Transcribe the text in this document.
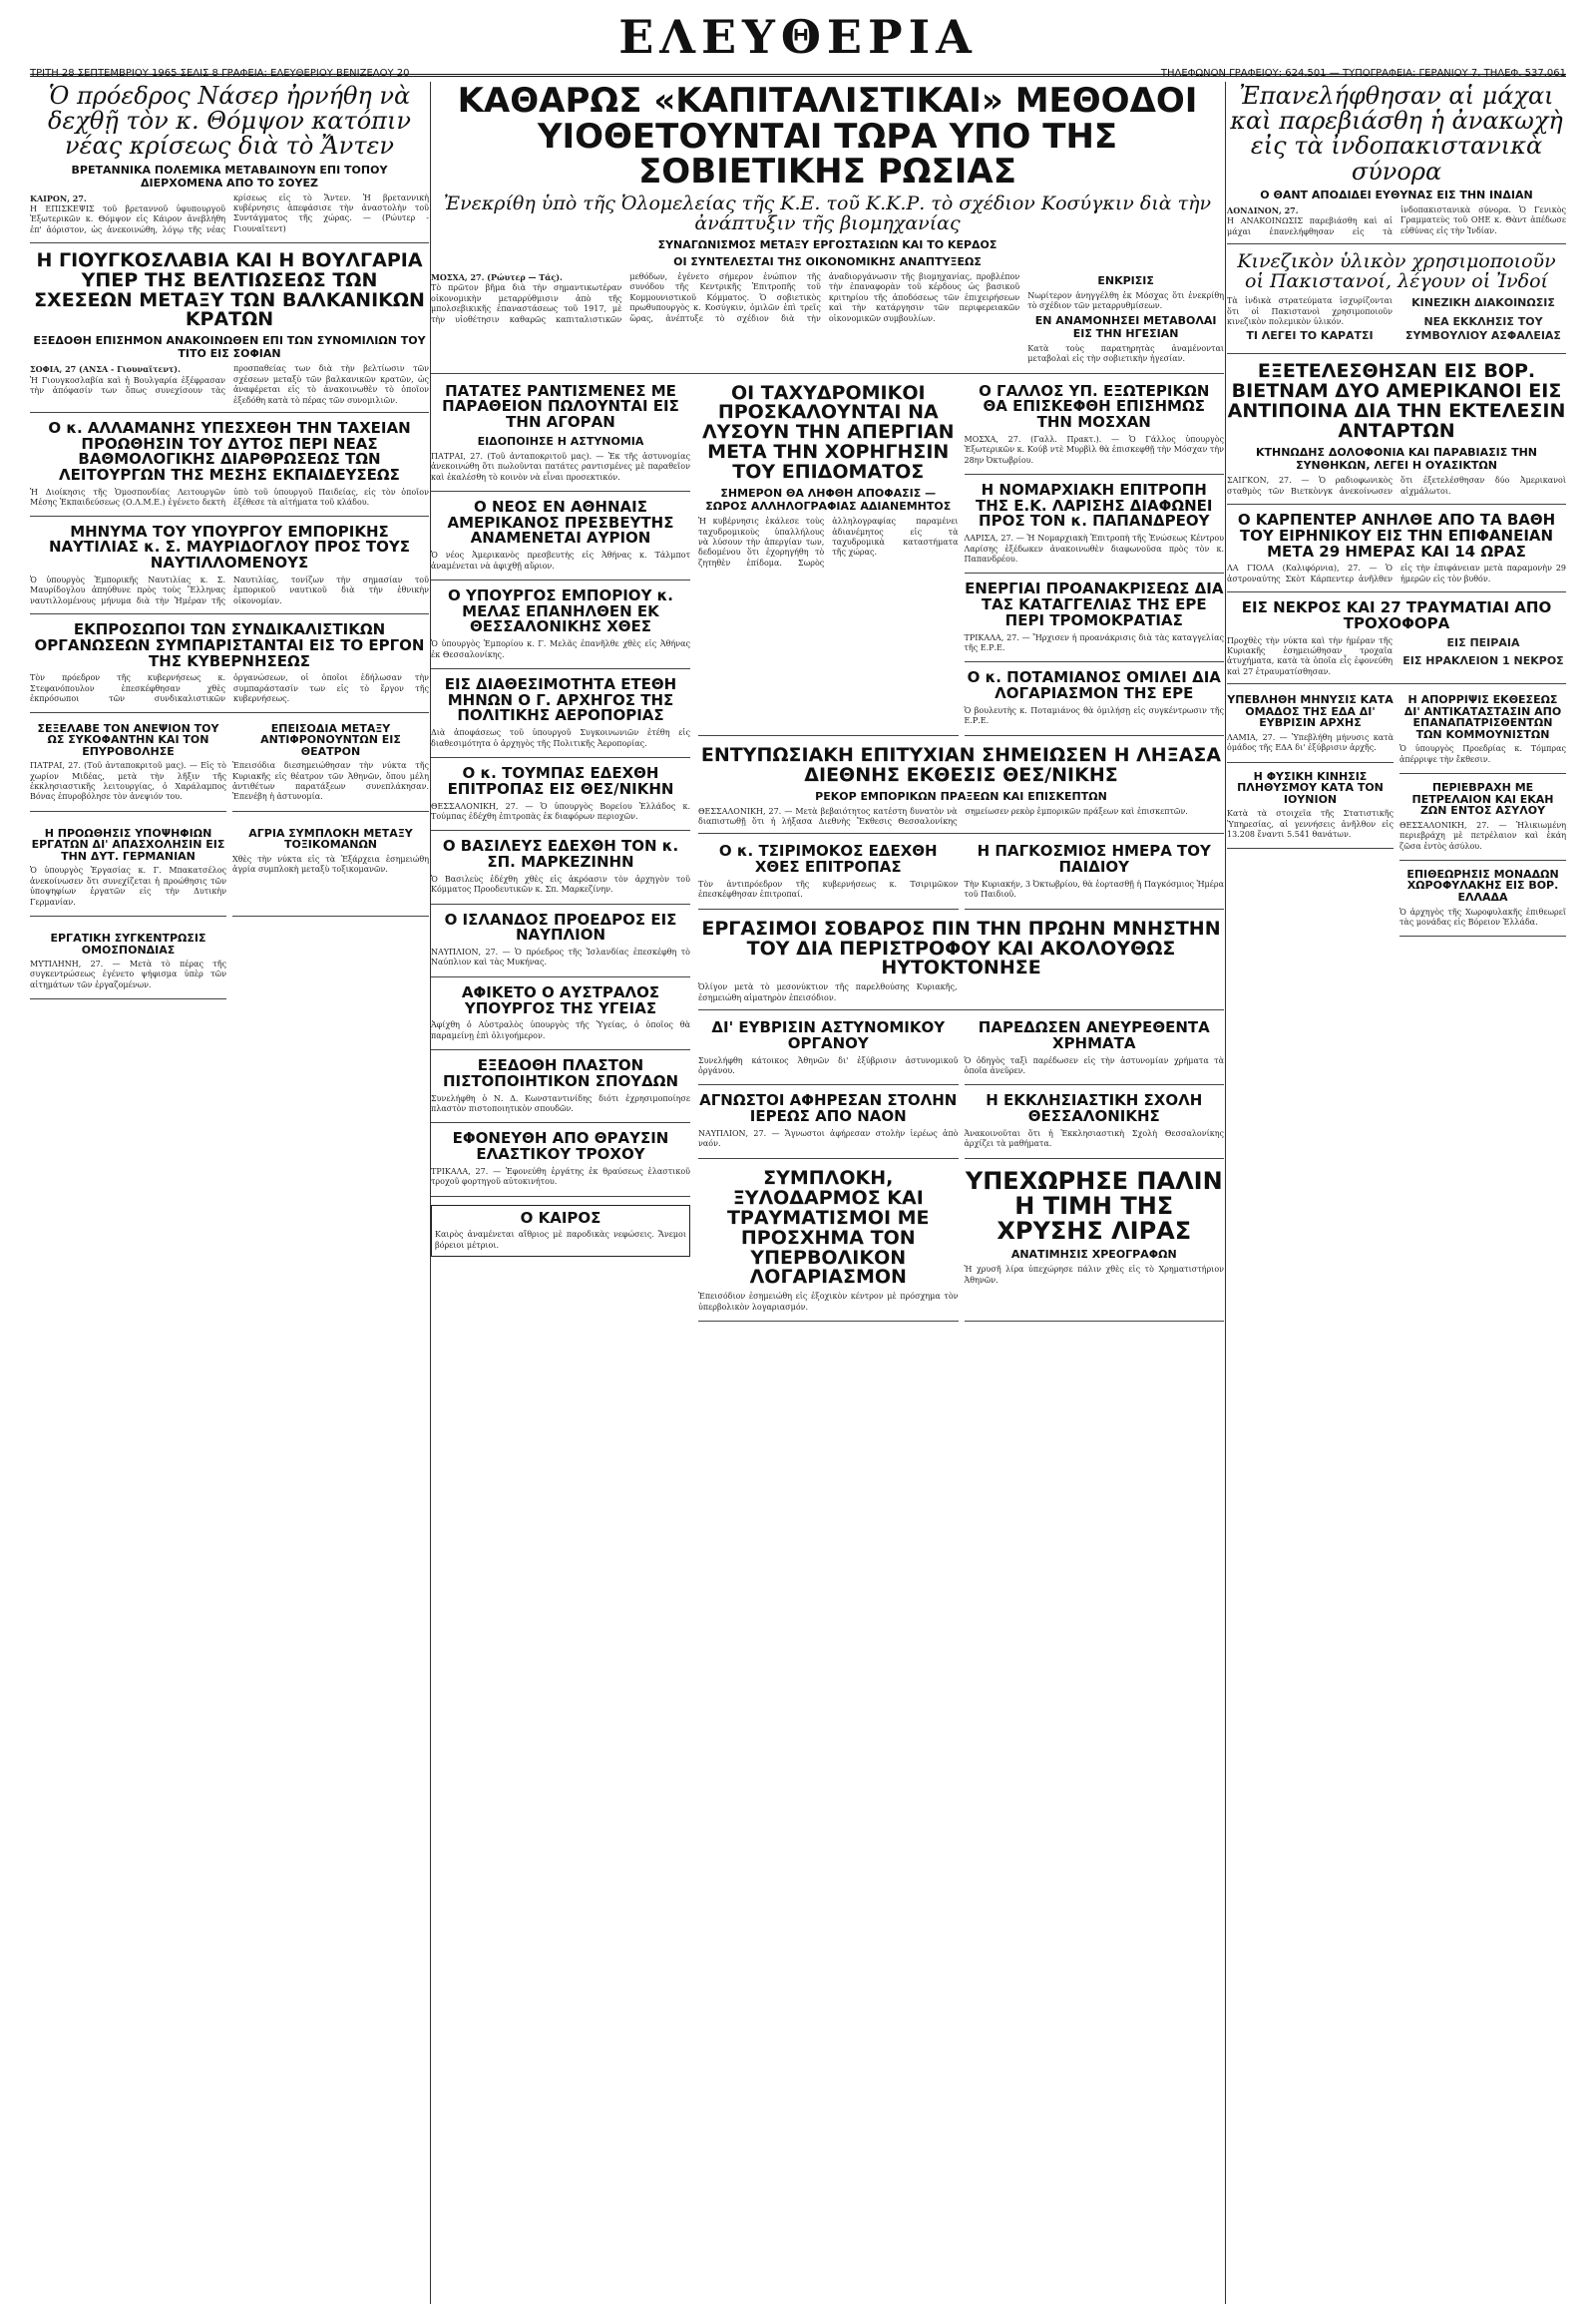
ΤΡΙΤΗ 28 ΣΕΠΤΕΜΒΡΙΟΥ 1965 ΣΕΛΙΣ 8 ΓΡΑΦΕΙΑ: ΕΛΕΥΘΕΡΙΟΥ ΒΕΝΙΖΕΛΟΥ 20
ΕΛΕΥΘΕΡΙΑ
ΤΗΛΕΦΩΝΟΝ ΓΡΑΦΕΙΟΥ: 624.501 — ΤΥΠΟΓΡΑΦΕΙΑ: ΓΕΡΑΝΙΟΥ 7, ΤΗΛΕΦ. 537.061
Ὁ πρόεδρος Νάσερ ἠρνήθη νὰ δεχθῇ τὸν κ. Θόμψον κατόπιν νέας κρίσεως διὰ τὸ Ἄντεν
ΒΡΕΤΑΝΝΙΚΑ ΠΟΛΕΜΙΚΑ ΜΕΤΑΒΑΙΝΟΥΝ ΕΠΙ ΤΟΠΟΥ ΔΙΕΡΧΟΜΕΝΑ ΑΠΟ ΤΟ ΣΟΥΕΖ
ΚΑΙΡΟΝ, 27.

Η ΕΠΙΣΚΕΨΙΣ τοῦ βρεταννοῦ ὑφυπουργοῦ Ἐξωτερικῶν κ. Θόμψον εἰς Κάιρον ἀνεβλήθη ἐπ' ἀόριστον, ὡς ἀνεκοινώθη, λόγῳ τῆς νέας κρίσεως εἰς τὸ Ἄντεν. Ἡ βρεταννικὴ κυβέρνησις ἀπεφάσισε τὴν ἀναστολὴν τοῦ Συντάγματος τῆς χώρας. — (Ρώυτερ - Γιουναϊτεντ)

Η ΓΙΟΥΓΚΟΣΛΑΒΙΑ ΚΑΙ Η ΒΟΥΛΓΑΡΙΑ ΥΠΕΡ ΤΗΣ ΒΕΛΤΙΩΣΕΩΣ ΤΩΝ ΣΧΕΣΕΩΝ ΜΕΤΑΞΥ ΤΩΝ ΒΑΛΚΑΝΙΚΩΝ ΚΡΑΤΩΝ
ΕΞΕΔΟΘΗ ΕΠΙΣΗΜΟΝ ΑΝΑΚΟΙΝΩΘΕΝ ΕΠΙ ΤΩΝ ΣΥΝΟΜΙΛΙΩΝ ΤΟΥ ΤΙΤΟ ΕΙΣ ΣΟΦΙΑΝ
ΣΟΦΙΑ, 27 (ΑΝΣΑ - Γιουναϊτεντ).

Ἡ Γιουγκοσλαβία καὶ ἡ Βουλγαρία ἐξέφρασαν τὴν ἀπόφασίν των ὅπως συνεχίσουν τὰς προσπαθείας των διὰ τὴν βελτίωσιν τῶν σχέσεων μεταξὺ τῶν βαλκανικῶν κρατῶν, ὡς ἀναφέρεται εἰς τὸ ἀνακοινωθὲν τὸ ὁποῖον ἐξεδόθη κατὰ τὸ πέρας τῶν συνομιλιῶν.

Ο κ. ΑΛΛΑΜΑΝΗΣ ΥΠΕΣΧΕΘΗ ΤΗΝ ΤΑΧΕΙΑΝ ΠΡΟΩΘΗΣΙΝ ΤΟΥ ΔΥΤΟΣ ΠΕΡΙ ΝΕΑΣ ΒΑΘΜΟΛΟΓΙΚΗΣ ΔΙΑΡΘΡΩΣΕΩΣ ΤΩΝ ΛΕΙΤΟΥΡΓΩΝ ΤΗΣ ΜΕΣΗΣ ΕΚΠΑΙΔΕΥΣΕΩΣ

Ἡ Διοίκησις τῆς Ὁμοσπονδίας Λειτουργῶν Μέσης Ἐκπαιδεύσεως (Ο.Λ.Μ.Ε.) ἐγένετο δεκτὴ ὑπὸ τοῦ ὑπουργοῦ Παιδείας, εἰς τὸν ὁποῖον ἐξέθεσε τὰ αἰτήματα τοῦ κλάδου.

ΜΗΝΥΜΑ ΤΟΥ ΥΠΟΥΡΓΟΥ ΕΜΠΟΡΙΚΗΣ ΝΑΥΤΙΛΙΑΣ κ. Σ. ΜΑΥΡΙΔΟΓΛΟΥ ΠΡΟΣ ΤΟΥΣ ΝΑΥΤΙΛΛΟΜΕΝΟΥΣ

Ὁ ὑπουργὸς Ἐμπορικῆς Ναυτιλίας κ. Σ. Μαυρίδογλου ἀπηύθυνε πρὸς τοὺς Ἕλληνας ναυτιλλομένους μήνυμα διὰ τὴν Ἡμέραν τῆς Ναυτιλίας, τονίζων τὴν σημασίαν τοῦ ἐμπορικοῦ ναυτικοῦ διὰ τὴν ἐθνικὴν οἰκονομίαν.

ΕΚΠΡΟΣΩΠΟΙ ΤΩΝ ΣΥΝΔΙΚΑΛΙΣΤΙΚΩΝ ΟΡΓΑΝΩΣΕΩΝ ΣΥΜΠΑΡΙΣΤΑΝΤΑΙ ΕΙΣ ΤΟ ΕΡΓΟΝ ΤΗΣ ΚΥΒΕΡΝΗΣΕΩΣ

Τὸν πρόεδρον τῆς κυβερνήσεως κ. Στεφανόπουλον ἐπεσκέφθησαν χθὲς ἐκπρόσωποι τῶν συνδικαλιστικῶν ὀργανώσεων, οἱ ὁποῖοι ἐδήλωσαν τὴν συμπαράστασίν των εἰς τὸ ἔργον τῆς κυβερνήσεως.

ΣΕΞΕΛΑΒΕ ΤΟΝ ΑΝΕΨΙΟΝ ΤΟΥ ΩΣ ΣΥΚΟΦΑΝΤΗΝ ΚΑΙ ΤΟΝ ΕΠΥΡΟΒΟΛΗΣΕ

ΠΑΤΡΑΙ, 27. (Τοῦ ἀνταποκριτοῦ μας). — Εἰς τὸ χωρίον Μιδέας, μετὰ τὴν λῆξιν τῆς ἐκκλησιαστικῆς λειτουργίας, ὁ Χαράλαμπος Βόνας ἐπυροβόλησε τὸν ἀνεψιόν του.

ΕΠΕΙΣΟΔΙΑ ΜΕΤΑΞΥ ΑΝΤΙΦΡΟΝΟΥΝΤΩΝ ΕΙΣ ΘΕΑΤΡΟΝ

Ἐπεισόδια διεσημειώθησαν τὴν νύκτα τῆς Κυριακῆς εἰς θέατρον τῶν Ἀθηνῶν, ὅπου μέλη ἀντιθέτων παρατάξεων συνεπλάκησαν. Ἐπενέβη ἡ ἀστυνομία.

Η ΠΡΟΩΘΗΣΙΣ ΥΠΟΨΗΦΙΩΝ ΕΡΓΑΤΩΝ ΔΙ' ΑΠΑΣΧΟΛΗΣΙΝ ΕΙΣ ΤΗΝ ΔΥΤ. ΓΕΡΜΑΝΙΑΝ

Ὁ ὑπουργὸς Ἐργασίας κ. Γ. Μπακατσέλος ἀνεκοίνωσεν ὅτι συνεχίζεται ἡ προώθησις τῶν ὑποψηφίων ἐργατῶν εἰς τὴν Δυτικὴν Γερμανίαν.

ΑΓΡΙΑ ΣΥΜΠΛΟΚΗ ΜΕΤΑΞΥ ΤΟΞΙΚΟΜΑΝΩΝ

Χθὲς τὴν νύκτα εἰς τὰ Ἐξάρχεια ἐσημειώθη ἀγρία συμπλοκὴ μεταξὺ τοξικομανῶν.

ΕΡΓΑΤΙΚΗ ΣΥΓΚΕΝΤΡΩΣΙΣ ΟΜΟΣΠΟΝΔΙΑΣ

ΜΥΤΙΛΗΝΗ, 27. — Μετὰ τὸ πέρας τῆς συγκεντρώσεως ἐγένετο ψήφισμα ὑπὲρ τῶν αἰτημάτων τῶν ἐργαζομένων.

ΚΑΘΑΡΩΣ «ΚΑΠΙΤΑΛΙΣΤΙΚΑΙ» ΜΕΘΟΔΟΙ ΥΙΟΘΕΤΟΥΝΤΑΙ ΤΩΡΑ ΥΠΟ ΤΗΣ ΣΟΒΙΕΤΙΚΗΣ ΡΩΣΙΑΣ
Ἐνεκρίθη ὑπὸ τῆς Ὀλομελείας τῆς Κ.Ε. τοῦ Κ.Κ.Ρ. τὸ σχέδιον Κοσύγκιν διὰ τὴν ἀνάπτυξιν τῆς βιομηχανίας
ΣΥΝΑΓΩΝΙΣΜΟΣ ΜΕΤΑΞΥ ΕΡΓΟΣΤΑΣΙΩΝ ΚΑΙ ΤΟ ΚΕΡΔΟΣ
ΟΙ ΣΥΝΤΕΛΕΣΤΑΙ ΤΗΣ ΟΙΚΟΝΟΜΙΚΗΣ ΑΝΑΠΤΥΞΕΩΣ
ΜΟΣΧΑ, 27. (Ρώυτερ — Τάς).

Τὸ πρῶτον βῆμα διὰ τὴν σημαντικωτέραν οἰκονομικὴν μεταρρύθμισιν ἀπὸ τῆς μπολσεβικικῆς ἐπαναστάσεως τοῦ 1917, μὲ τὴν υἱοθέτησιν καθαρῶς καπιταλιστικῶν μεθόδων, ἐγένετο σήμερον ἐνώπιον τῆς συνόδου τῆς Κεντρικῆς Ἐπιτροπῆς τοῦ Κομμουνιστικοῦ Κόμματος. Ὁ σοβιετικὸς πρωθυπουργὸς κ. Κοσύγκιν, ὁμιλῶν ἐπὶ τρεῖς ὥρας, ἀνέπτυξε τὸ σχέδιον διὰ τὴν ἀναδιοργάνωσιν τῆς βιομηχανίας, προβλέπον τὴν ἐπαναφορὰν τοῦ κέρδους ὡς βασικοῦ κριτηρίου τῆς ἀποδόσεως τῶν ἐπιχειρήσεων καὶ τὴν κατάργησιν τῶν περιφερειακῶν οἰκονομικῶν συμβουλίων.

ΕΝΚΡΙΣΙΣ

Νωρίτερον ἀνηγγέλθη ἐκ Μόσχας ὅτι ἐνεκρίθη τὸ σχέδιον τῶν μεταρρυθμίσεων.

ΕΝ ΑΝΑΜΟΝΗΣΕΙ ΜΕΤΑΒΟΛΑΙ ΕΙΣ ΤΗΝ ΗΓΕΣΙΑΝ

Κατὰ τοὺς παρατηρητὰς ἀναμένονται μεταβολαὶ εἰς τὴν σοβιετικὴν ἡγεσίαν.

ΠΑΤΑΤΕΣ ΡΑΝΤΙΣΜΕΝΕΣ ΜΕ ΠΑΡΑΘΕΙΟΝ ΠΩΛΟΥΝΤΑΙ ΕΙΣ ΤΗΝ ΑΓΟΡΑΝ
ΕΙΔΟΠΟΙΗΣΕ Η ΑΣΤΥΝΟΜΙΑ

ΠΑΤΡΑΙ, 27. (Τοῦ ἀνταποκριτοῦ μας). — Ἐκ τῆς ἀστυνομίας ἀνεκοινώθη ὅτι πωλοῦνται πατάτες ραντισμένες μὲ παραθεῖον καὶ ἐκαλέσθη τὸ κοινὸν νὰ εἶναι προσεκτικόν.

Ο ΝΕΟΣ ΕΝ ΑΘΗΝΑΙΣ ΑΜΕΡΙΚΑΝΟΣ ΠΡΕΣΒΕΥΤΗΣ ΑΝΑΜΕΝΕΤΑΙ ΑΥΡΙΟΝ

Ὁ νέος Ἀμερικανὸς πρεσβευτὴς εἰς Ἀθήνας κ. Τάλμποτ ἀναμένεται νὰ ἀφιχθῇ αὔριον.

Ο ΥΠΟΥΡΓΟΣ ΕΜΠΟΡΙΟΥ κ. ΜΕΛΑΣ ΕΠΑΝΗΛΘΕΝ ΕΚ ΘΕΣΣΑΛΟΝΙΚΗΣ ΧΘΕΣ

Ὁ ὑπουργὸς Ἐμπορίου κ. Γ. Μελᾶς ἐπανῆλθε χθὲς εἰς Ἀθήνας ἐκ Θεσσαλονίκης.

ΕΙΣ ΔΙΑΘΕΣΙΜΟΤΗΤΑ ΕΤΕΘΗ ΜΗΝΩΝ Ο Γ. ΑΡΧΗΓΟΣ ΤΗΣ ΠΟΛΙΤΙΚΗΣ ΑΕΡΟΠΟΡΙΑΣ

Διὰ ἀποφάσεως τοῦ ὑπουργοῦ Συγκοινωνιῶν ἐτέθη εἰς διαθεσιμότητα ὁ ἀρχηγὸς τῆς Πολιτικῆς Ἀεροπορίας.

Ο κ. ΤΟΥΜΠΑΣ ΕΔΕΧΘΗ ΕΠΙΤΡΟΠΑΣ ΕΙΣ ΘΕΣ/ΝΙΚΗΝ

ΘΕΣΣΑΛΟΝΙΚΗ, 27. — Ὁ ὑπουργὸς Βορείου Ἑλλάδος κ. Τούμπας ἐδέχθη ἐπιτροπὰς ἐκ διαφόρων περιοχῶν.

Ο ΒΑΣΙΛΕΥΣ ΕΔΕΧΘΗ ΤΟΝ κ. ΣΠ. ΜΑΡΚΕΖΙΝΗΝ

Ὁ Βασιλεὺς ἐδέχθη χθὲς εἰς ἀκρόασιν τὸν ἀρχηγὸν τοῦ Κόμματος Προοδευτικῶν κ. Σπ. Μαρκεζίνην.

Ο ΙΣΛΑΝΔΟΣ ΠΡΟΕΔΡΟΣ ΕΙΣ ΝΑΥΠΛΙΟΝ

ΝΑΥΠΛΙΟΝ, 27. — Ὁ πρόεδρος τῆς Ἰσλανδίας ἐπεσκέφθη τὸ Ναύπλιον καὶ τὰς Μυκήνας.

ΑΦΙΚΕΤΟ Ο ΑΥΣΤΡΑΛΟΣ ΥΠΟΥΡΓΟΣ ΤΗΣ ΥΓΕΙΑΣ

Ἀφίχθη ὁ Αὐστραλὸς ὑπουργὸς τῆς Ὑγείας, ὁ ὁποῖος θὰ παραμείνῃ ἐπὶ ὀλιγοήμερον.

ΕΞΕΔΟΘΗ ΠΛΑΣΤΟΝ ΠΙΣΤΟΠΟΙΗΤΙΚΟΝ ΣΠΟΥΔΩΝ

Συνελήφθη ὁ Ν. Δ. Κωνσταντινίδης διότι ἐχρησιμοποίησε πλαστὸν πιστοποιητικὸν σπουδῶν.

ΕΦΟΝΕΥΘΗ ΑΠΟ ΘΡΑΥΣΙΝ ΕΛΑΣΤΙΚΟΥ ΤΡΟΧΟΥ

ΤΡΙΚΑΛΑ, 27. — Ἐφονεύθη ἐργάτης ἐκ θραύσεως ἐλαστικοῦ τροχοῦ φορτηγοῦ αὐτοκινήτου.

Ο ΚΑΙΡΟΣ

Καιρὸς ἀναμένεται αἴθριος μὲ παροδικὰς νεφώσεις. Ἄνεμοι βόρειοι μέτριοι.

ΟΙ ΤΑΧΥΔΡΟΜΙΚΟΙ ΠΡΟΣΚΑΛΟΥΝΤΑΙ ΝΑ ΛΥΣΟΥΝ ΤΗΝ ΑΠΕΡΓΙΑΝ ΜΕΤΑ ΤΗΝ ΧΟΡΗΓΗΣΙΝ ΤΟΥ ΕΠΙΔΟΜΑΤΟΣ
ΣΗΜΕΡΟΝ ΘΑ ΛΗΦΘΗ ΑΠΟΦΑΣΙΣ — ΣΩΡΟΣ ΑΛΛΗΛΟΓΡΑΦΙΑΣ ΑΔΙΑΝΕΜΗΤΟΣ

Ἡ κυβέρνησις ἐκάλεσε τοὺς ταχυδρομικοὺς ὑπαλλήλους νὰ λύσουν τὴν ἀπεργίαν των, δεδομένου ὅτι ἐχορηγήθη τὸ ζητηθὲν ἐπίδομα. Σωρὸς ἀλληλογραφίας παραμένει ἀδιανέμητος εἰς τὰ ταχυδρομικὰ καταστήματα τῆς χώρας.

Ο ΓΑΛΛΟΣ ΥΠ. ΕΞΩΤΕΡΙΚΩΝ ΘΑ ΕΠΙΣΚΕΦΘΗ ΕΠΙΣΗΜΩΣ ΤΗΝ ΜΟΣΧΑΝ

ΜΟΣΧΑ, 27. (Γαλλ. Πρακτ.). — Ὁ Γάλλος ὑπουργὸς Ἐξωτερικῶν κ. Κούβ ντὲ Μυρβὶλ θὰ ἐπισκεφθῇ τὴν Μόσχαν τὴν 28ην Ὀκτωβρίου.

Η ΝΟΜΑΡΧΙΑΚΗ ΕΠΙΤΡΟΠΗ ΤΗΣ Ε.Κ. ΛΑΡΙΣΗΣ ΔΙΑΦΩΝΕΙ ΠΡΟΣ ΤΟΝ κ. ΠΑΠΑΝΔΡΕΟΥ

ΛΑΡΙΣΑ, 27. — Ἡ Νομαρχιακὴ Ἐπιτροπὴ τῆς Ἑνώσεως Κέντρου Λαρίσης ἐξέδωκεν ἀνακοινωθὲν διαφωνοῦσα πρὸς τὸν κ. Παπανδρέου.

ΕΝΕΡΓΙΑΙ ΠΡΟΑΝΑΚΡΙΣΕΩΣ ΔΙΑ ΤΑΣ ΚΑΤΑΓΓΕΛΙΑΣ ΤΗΣ ΕΡΕ ΠΕΡΙ ΤΡΟΜΟΚΡΑΤΙΑΣ

ΤΡΙΚΑΛΑ, 27. — Ἤρχισεν ἡ προανάκρισις διὰ τὰς καταγγελίας τῆς Ε.Ρ.Ε.

Ο κ. ΠΟΤΑΜΙΑΝΟΣ ΟΜΙΛΕΙ ΔΙΑ ΛΟΓΑΡΙΑΣΜΟΝ ΤΗΣ ΕΡΕ

Ὁ βουλευτὴς κ. Ποταμιάνος θὰ ὁμιλήσῃ εἰς συγκέντρωσιν τῆς Ε.Ρ.Ε.

ΕΝΤΥΠΩΣΙΑΚΗ ΕΠΙΤΥΧΙΑΝ ΣΗΜΕΙΩΣΕΝ Η ΛΗΞΑΣΑ ΔΙΕΘΝΗΣ ΕΚΘΕΣΙΣ ΘΕΣ/ΝΙΚΗΣ
ΡΕΚΟΡ ΕΜΠΟΡΙΚΩΝ ΠΡΑΞΕΩΝ ΚΑΙ ΕΠΙΣΚΕΠΤΩΝ

ΘΕΣΣΑΛΟΝΙΚΗ, 27. — Μετὰ βεβαιότητος κατέστη δυνατὸν νὰ διαπιστωθῇ ὅτι ἡ λήξασα Διεθνὴς Ἔκθεσις Θεσσαλονίκης σημείωσεν ρεκὸρ ἐμπορικῶν πράξεων καὶ ἐπισκεπτῶν.

Ο κ. ΤΣΙΡΙΜΟΚΟΣ ΕΔΕΧΘΗ ΧΘΕΣ ΕΠΙΤΡΟΠΑΣ

Τὸν ἀντιπρόεδρον τῆς κυβερνήσεως κ. Τσιριμῶκον ἐπεσκέφθησαν ἐπιτροπαί.

Η ΠΑΓΚΟΣΜΙΟΣ ΗΜΕΡΑ ΤΟΥ ΠΑΙΔΙΟΥ

Τὴν Κυριακήν, 3 Ὀκτωβρίου, θὰ ἑορτασθῇ ἡ Παγκόσμιος Ἡμέρα τοῦ Παιδιοῦ.

ΕΡΓΑΣΙΜΟΙ ΣΟΒΑΡΟΣ ΠΙΝ ΤΗΝ ΠΡΩΗΝ ΜΝΗΣΤΗΝ ΤΟΥ ΔΙΑ ΠΕΡΙΣΤΡΟΦΟΥ ΚΑΙ ΑΚΟΛΟΥΘΩΣ ΗΥΤΟΚΤΟΝΗΣΕ

Ὀλίγον μετὰ τὸ μεσονύκτιον τῆς παρελθούσης Κυριακῆς, ἐσημειώθη αἱματηρὸν ἐπεισόδιον.

ΔΙ' ΕΥΒΡΙΣΙΝ ΑΣΤΥΝΟΜΙΚΟΥ ΟΡΓΑΝΟΥ

Συνελήφθη κάτοικος Ἀθηνῶν δι' ἐξύβρισιν ἀστυνομικοῦ ὀργάνου.

ΑΓΝΩΣΤΟΙ ΑΦΗΡΕΣΑΝ ΣΤΟΛΗΝ ΙΕΡΕΩΣ ΑΠΟ ΝΑΟΝ

ΝΑΥΠΛΙΟΝ, 27. — Ἄγνωστοι ἀφήρεσαν στολὴν ἱερέως ἀπὸ ναόν.

ΠΑΡΕΔΩΣΕΝ ΑΝΕΥΡΕΘΕΝΤΑ ΧΡΗΜΑΤΑ

Ὁ ὁδηγὸς ταξὶ παρέδωσεν εἰς τὴν ἀστυνομίαν χρήματα τὰ ὁποῖα ἀνεῦρεν.

Η ΕΚΚΛΗΣΙΑΣΤΙΚΗ ΣΧΟΛΗ ΘΕΣΣΑΛΟΝΙΚΗΣ

Ἀνακοινοῦται ὅτι ἡ Ἐκκλησιαστικὴ Σχολὴ Θεσσαλονίκης ἀρχίζει τὰ μαθήματα.

ΣΥΜΠΛΟΚΗ, ΞΥΛΟΔΑΡΜΟΣ ΚΑΙ ΤΡΑΥΜΑΤΙΣΜΟΙ ΜΕ ΠΡΟΣΧΗΜΑ ΤΟΝ ΥΠΕΡΒΟΛΙΚΟΝ ΛΟΓΑΡΙΑΣΜΟΝ

Ἐπεισόδιον ἐσημειώθη εἰς ἐξοχικὸν κέντρον μὲ πρόσχημα τὸν ὑπερβολικὸν λογαριασμόν.

ΥΠΕΧΩΡΗΣΕ ΠΑΛΙΝ Η ΤΙΜΗ ΤΗΣ ΧΡΥΣΗΣ ΛΙΡΑΣ
ΑΝΑΤΙΜΗΣΙΣ ΧΡΕΟΓΡΑΦΩΝ

Ἡ χρυσῆ λίρα ὑπεχώρησε πάλιν χθὲς εἰς τὸ Χρηματιστήριον Ἀθηνῶν.

Ἐπανελήφθησαν αἱ μάχαι καὶ παρεβιάσθη ἡ ἀνακωχὴ εἰς τὰ ἰνδοπακιστανικὰ σύνορα
Ο ΘΑΝΤ ΑΠΟΔΙΔΕΙ ΕΥΘΥΝΑΣ ΕΙΣ ΤΗΝ ΙΝΔΙΑΝ
ΛΟΝΔΙΝΟΝ, 27.

Η ΑΝΑΚΟΙΝΩΣΙΣ παρεβιάσθη καὶ αἱ μάχαι ἐπανελήφθησαν εἰς τὰ ἰνδοπακιστανικὰ σύνορα. Ὁ Γενικὸς Γραμματεὺς τοῦ ΟΗΕ κ. Θὰντ ἀπέδωσε εὐθύνας εἰς τὴν Ἰνδίαν.

Κινεζικὸν ὑλικὸν χρησιμοποιοῦν οἱ Πακιστανοί, λέγουν οἱ Ἰνδοί

Τὰ ἰνδικὰ στρατεύματα ἰσχυρίζονται ὅτι οἱ Πακιστανοὶ χρησιμοποιοῦν κινεζικὸν πολεμικὸν ὑλικόν.

ΤΙ ΛΕΓΕΙ ΤΟ ΚΑΡΑΤΣΙ
ΚΙΝΕΖΙΚΗ ΔΙΑΚΟΙΝΩΣΙΣ
ΝΕΑ ΕΚΚΛΗΣΙΣ ΤΟΥ ΣΥΜΒΟΥΛΙΟΥ ΑΣΦΑΛΕΙΑΣ
ΕΞΕΤΕΛΕΣΘΗΣΑΝ ΕΙΣ ΒΟΡ. ΒΙΕΤΝΑΜ ΔΥΟ ΑΜΕΡΙΚΑΝΟΙ ΕΙΣ ΑΝΤΙΠΟΙΝΑ ΔΙΑ ΤΗΝ ΕΚΤΕΛΕΣΙΝ ΑΝΤΑΡΤΩΝ
ΚΤΗΝΩΔΗΣ ΔΟΛΟΦΟΝΙΑ ΚΑΙ ΠΑΡΑΒΙΑΣΙΣ ΤΗΝ ΣΥΝΘΗΚΩΝ, ΛΕΓΕΙ Η ΟΥΑΣΙΚΤΩΝ

ΣΑΙΓΚΟΝ, 27. — Ὁ ραδιοφωνικὸς σταθμὸς τῶν Βιετκὸνγκ ἀνεκοίνωσεν ὅτι ἐξετελέσθησαν δύο Ἀμερικανοὶ αἰχμάλωτοι.

Ο ΚΑΡΠΕΝΤΕΡ ΑΝΗΛΘΕ ΑΠΟ ΤΑ ΒΑΘΗ ΤΟΥ ΕΙΡΗΝΙΚΟΥ ΕΙΣ ΤΗΝ ΕΠΙΦΑΝΕΙΑΝ ΜΕΤΑ 29 ΗΜΕΡΑΣ ΚΑΙ 14 ΩΡΑΣ

ΛΑ ΓΙΟΛΑ (Καλιφόρνια), 27. — Ὁ ἀστροναύτης Σκὸτ Κάρπεντερ ἀνῆλθεν εἰς τὴν ἐπιφάνειαν μετὰ παραμονὴν 29 ἡμερῶν εἰς τὸν βυθόν.

ΕΙΣ ΝΕΚΡΟΣ ΚΑΙ 27 ΤΡΑΥΜΑΤΙΑΙ ΑΠΟ ΤΡΟΧΟΦΟΡΑ

Προχθὲς τὴν νύκτα καὶ τὴν ἡμέραν τῆς Κυριακῆς ἐσημειώθησαν τροχαῖα ἀτυχήματα, κατὰ τὰ ὁποῖα εἷς ἐφονεύθη καὶ 27 ἐτραυματίσθησαν.

ΕΙΣ ΠΕΙΡΑΙΑ
ΕΙΣ ΗΡΑΚΛΕΙΟΝ 1 ΝΕΚΡΟΣ
ΥΠΕΒΛΗΘΗ ΜΗΝΥΣΙΣ ΚΑΤΑ ΟΜΑΔΟΣ ΤΗΣ ΕΔΑ ΔΙ' ΕΥΒΡΙΣΙΝ ΑΡΧΗΣ

ΛΑΜΙΑ, 27. — Ὑπεβλήθη μήνυσις κατὰ ὁμάδος τῆς ΕΔΑ δι' ἐξύβρισιν ἀρχῆς.

Η ΦΥΣΙΚΗ ΚΙΝΗΣΙΣ ΠΛΗΘΥΣΜΟΥ ΚΑΤΑ ΤΟΝ ΙΟΥΝΙΟΝ

Κατὰ τὰ στοιχεῖα τῆς Στατιστικῆς Ὑπηρεσίας, αἱ γεννήσεις ἀνῆλθον εἰς 13.208 ἔναντι 5.541 θανάτων.

Η ΑΠΟΡΡΙΨΙΣ ΕΚΘΕΣΕΩΣ ΔΙ' ΑΝΤΙΚΑΤΑΣΤΑΣΙΝ ΑΠΟ ΕΠΑΝΑΠΑΤΡΙΣΘΕΝΤΩΝ ΤΩΝ ΚΟΜΜΟΥΝΙΣΤΩΝ

Ὁ ὑπουργὸς Προεδρίας κ. Τόμπρας ἀπέρριψε τὴν ἔκθεσιν.

ΠΕΡΙΕΒΡΑΧΗ ΜΕ ΠΕΤΡΕΛΑΙΟΝ ΚΑΙ ΕΚΑΗ ΖΩΝ ΕΝΤΟΣ ΑΣΥΛΟΥ

ΘΕΣΣΑΛΟΝΙΚΗ, 27. — Ἠλικιωμένη περιεβράχη μὲ πετρέλαιον καὶ ἐκάη ζῶσα ἐντὸς ἀσύλου.

ΕΠΙΘΕΩΡΗΣΙΣ ΜΟΝΑΔΩΝ ΧΩΡΟΦΥΛΑΚΗΣ ΕΙΣ ΒΟΡ. ΕΛΛΑΔΑ

Ὁ ἀρχηγὸς τῆς Χωροφυλακῆς ἐπιθεωρεῖ τὰς μονάδας εἰς Βόρειον Ἑλλάδα.
